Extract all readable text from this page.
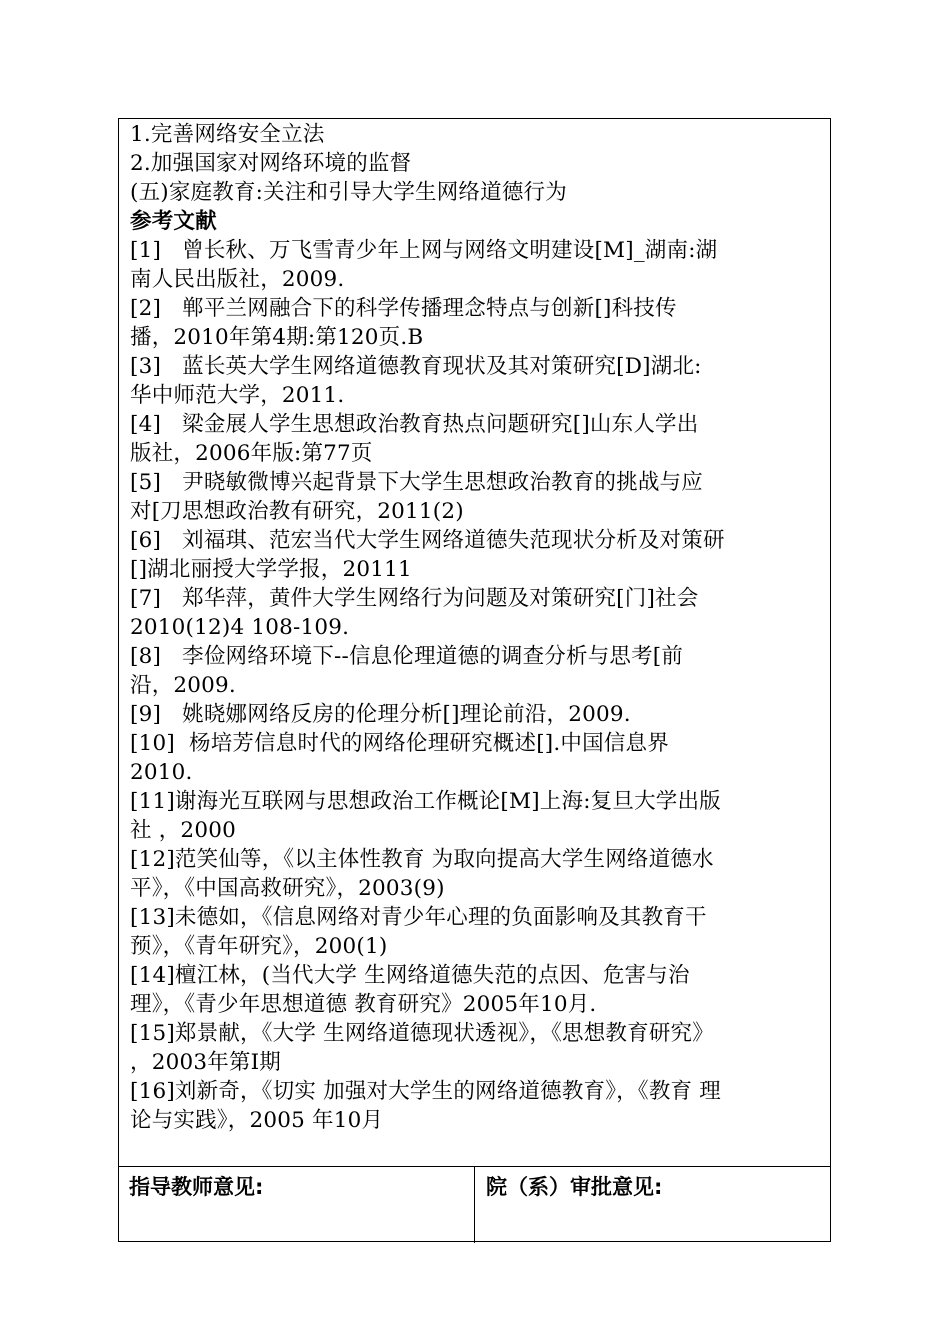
1.完善网络安全立法
2.加强国家对网络环境的监督
(五)家庭教育:关注和引导大学生网络道德行为
参考文献
[1]   曾长秋、万飞雪青少年上网与网络文明建设[M]_湖南:湖
南人民出版社，2009.
[2]   郸平兰网融合下的科学传播理念特点与创新[]科技传
播，2010年第4期:第120页.B
[3]   蓝长英大学生网络道德教育现状及其对策研究[D]湖北:
华中师范大学，2011.
[4]   梁金展人学生思想政治教育热点问题研究[]山东人学出
版社，2006年版:第77页
[5]   尹晓敏微博兴起背景下大学生思想政治教育的挑战与应
对[刀思想政治教有研究，2011(2)
[6]   刘福琪、范宏当代大学生网络道德失范现状分析及对策研
[]湖北丽授大学学报，20111
[7]   郑华萍，黄件大学生网络行为问题及对策研究[门]社会
2010(12)4 108-109.
[8]   李俭网络环境下--信息伦理道德的调查分析与思考[前
沿，2009.
[9]   姚晓娜网络反房的伦理分析[]理论前沿，2009.
[10]  杨培芳信息时代的网络伦理研究概述[].中国信息界
2010.
[11]谢海光互联网与思想政治工作概论[M]上海:复旦大学出版
社 ，2000
[12]范笑仙等，《以主体性教育 为取向提高大学生网络道德水
平》，《中国高救研究》，2003(9)
[13]未德如，《信息网络对青少年心理的负面影响及其教育干
预》，《青年研究》，200(1)
[14]檀江林，(当代大学 生网络道德失范的点因、危害与治
理》，《青少年思想道德 教育研究》2005年10月.
[15]郑景献，《大学 生网络道德现状透视》，《思想教育研究》
，2003年第I期
[16]刘新奇，《切实 加强对大学生的网络道德教育》，《教育 理
论与实践》，2005 年10月
指导教师意见:	院（系）审批意见:
